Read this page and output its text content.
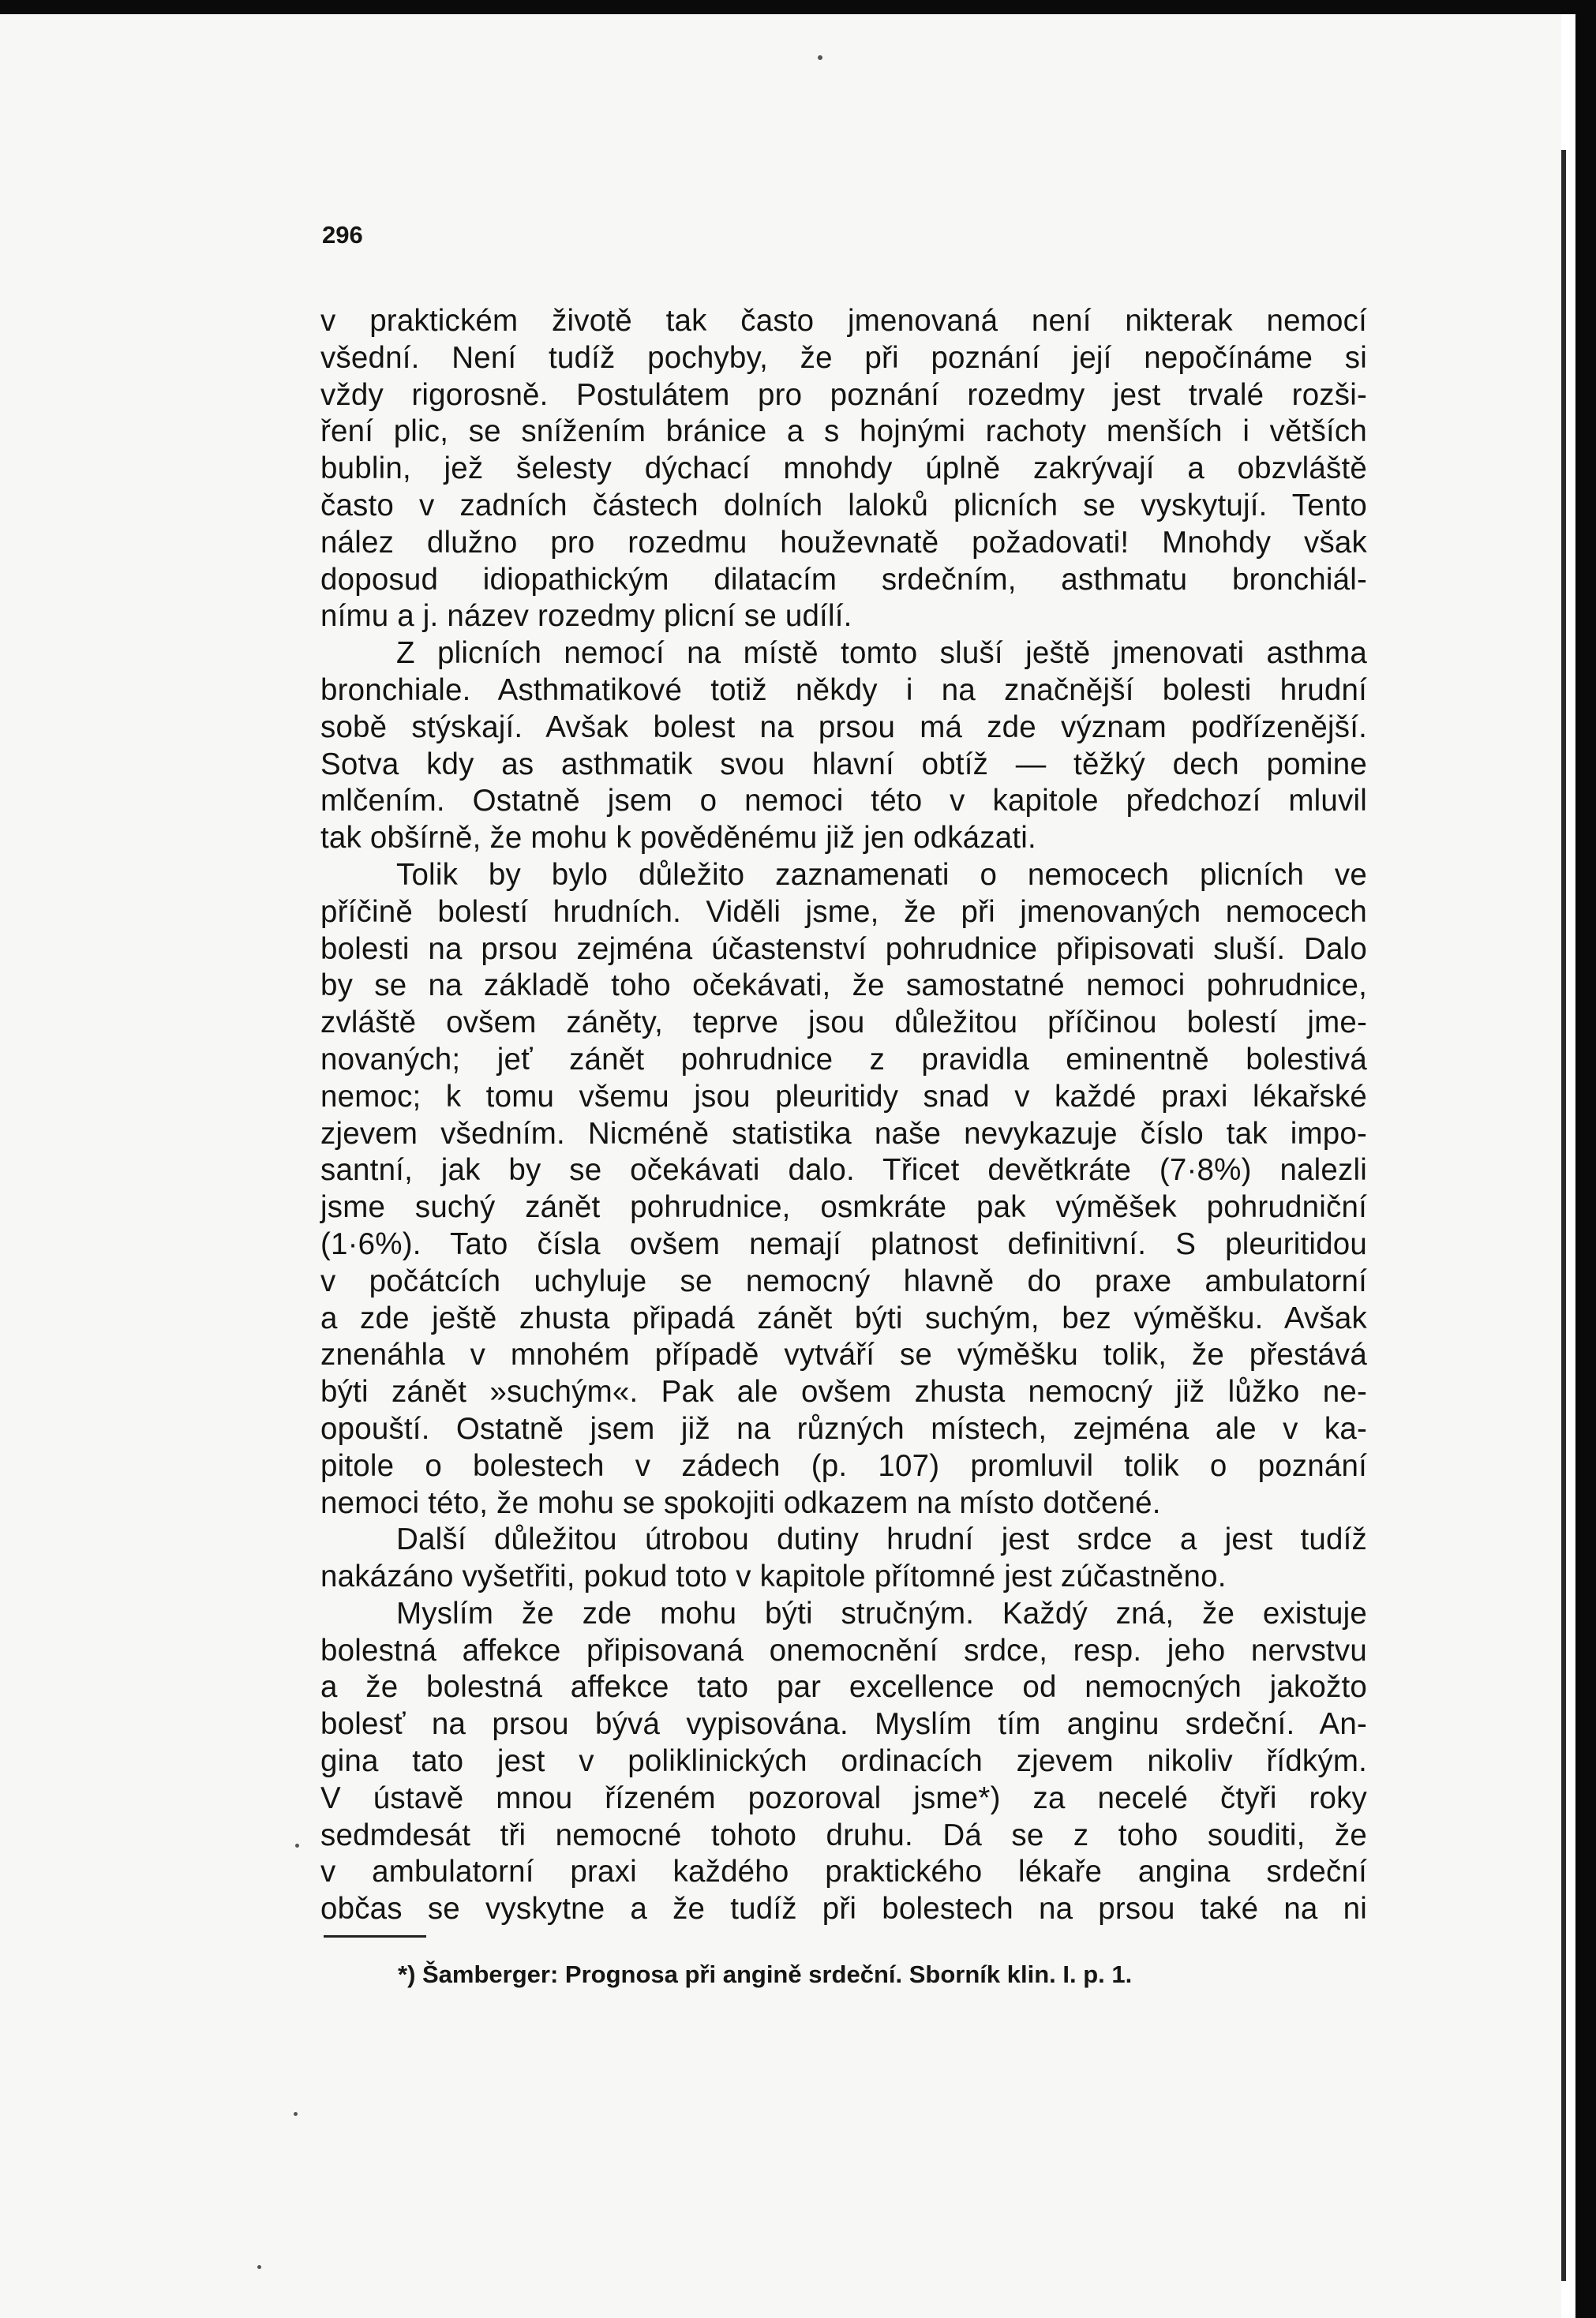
296
v praktickém životě tak často jmenovaná není nikterak nemocí
všední. Není tudíž pochyby, že při poznání její nepočínáme si
vždy rigorosně. Postulátem pro poznání rozedmy jest trvalé rozši-
ření plic, se snížením bránice a s hojnými rachoty menších i větších
bublin, jež šelesty dýchací mnohdy úplně zakrývají a obzvláště
často v zadních částech dolních laloků plicních se vyskytují. Tento
nález dlužno pro rozedmu houževnatě požadovati! Mnohdy však
doposud idiopathickým dilatacím srdečním, asthmatu bronchiál-
nímu a j. název rozedmy plicní se udílí.
Z plicních nemocí na místě tomto sluší ještě jmenovati asthma
bronchiale. Asthmatikové totiž někdy i na značnější bolesti hrudní
sobě stýskají. Avšak bolest na prsou má zde význam podřízenější.
Sotva kdy as asthmatik svou hlavní obtíž — těžký dech pomine
mlčením. Ostatně jsem o nemoci této v kapitole předchozí mluvil
tak obšírně, že mohu k pověděnému již jen odkázati.
Tolik by bylo důležito zaznamenati o nemocech plicních ve
příčině bolestí hrudních. Viděli jsme, že při jmenovaných nemocech
bolesti na prsou zejména účastenství pohrudnice připisovati sluší. Dalo
by se na základě toho očekávati, že samostatné nemoci pohrudnice,
zvláště ovšem záněty, teprve jsou důležitou příčinou bolestí jme-
novaných; jeť zánět pohrudnice z pravidla eminentně bolestivá
nemoc; k tomu všemu jsou pleuritidy snad v každé praxi lékařské
zjevem všedním. Nicméně statistika naše nevykazuje číslo tak impo-
santní, jak by se očekávati dalo. Třicet devětkráte (7·8%) nalezli
jsme suchý zánět pohrudnice, osmkráte pak výměšek pohrudniční
(1·6%). Tato čísla ovšem nemají platnost definitivní. S pleuritidou
v počátcích uchyluje se nemocný hlavně do praxe ambulatorní
a zde ještě zhusta připadá zánět býti suchým, bez výměšku. Avšak
znenáhla v mnohém případě vytváří se výměšku tolik, že přestává
býti zánět »suchým«. Pak ale ovšem zhusta nemocný již lůžko ne-
opouští. Ostatně jsem již na různých místech, zejména ale v ka-
pitole o bolestech v zádech (p. 107) promluvil tolik o poznání
nemoci této, že mohu se spokojiti odkazem na místo dotčené.
Další důležitou útrobou dutiny hrudní jest srdce a jest tudíž
nakázáno vyšetřiti, pokud toto v kapitole přítomné jest zúčastněno.
Myslím že zde mohu býti stručným. Každý zná, že existuje
bolestná affekce připisovaná onemocnění srdce, resp. jeho nervstvu
a že bolestná affekce tato par excellence od nemocných jakožto
bolesť na prsou bývá vypisována. Myslím tím anginu srdeční. An-
gina tato jest v poliklinických ordinacích zjevem nikoliv řídkým.
V ústavě mnou řízeném pozoroval jsme*) za necelé čtyři roky
sedmdesát tři nemocné tohoto druhu. Dá se z toho souditi, že
v ambulatorní praxi každého praktického lékaře angina srdeční
občas se vyskytne a že tudíž při bolestech na prsou také na ni
*) Šamberger: Prognosa při angině srdeční. Sborník klin. I. p. 1.
